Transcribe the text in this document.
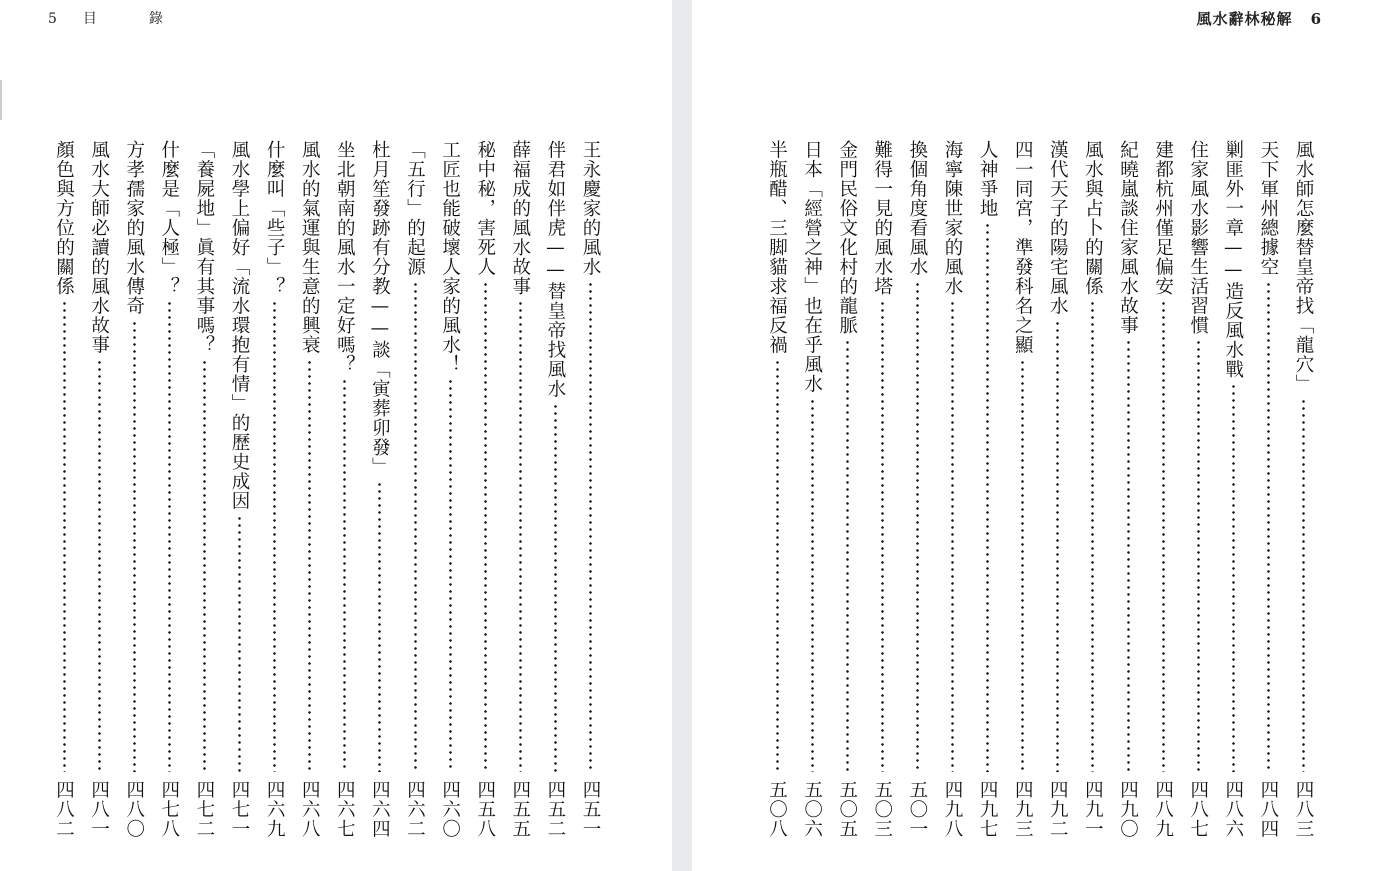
5 目	錄
王永慶家的風水
四五一
伴君如伴虎——替皇帝找風水
四五二
薛福成的風水故事
四五五
秘中秘，害死人
四五八
工匠也能破壞人家的風水！
四六〇
「五行」的起源
四六二
杜月笙發跡有分教——談「寅葬卯發」
四六四
坐北朝南的風水一定好嗎？
四六七
風水的氣運與生意的興衰
四六八
什麼叫「些子」？
四六九
風水學上偏好「流水環抱有情」的歷史成因
四七一
「養屍地」眞有其事嗎？
四七二
什麼是「人極」？
四七八
方孝孺家的風水傳奇
四八〇
風水大師必讀的風水故事
四八一
顏色與方位的關係
四八二
風水辭林秘解 6
風水師怎麼替皇帝找「龍穴」
四八三
天下軍州總據空
四八四
剿匪外一章——造反風水戰
四八六
住家風水影響生活習慣
四八七
建都杭州僅足偏安
四八九
紀曉嵐談住家風水故事
四九〇
風水與占卜的關係
四九一
漢代天子的陽宅風水
四九二
四一同宮，準發科名之顯
四九三
人神爭地
四九七
海寧陳世家的風水
四九八
換個角度看風水
五〇一
難得一見的風水塔
五〇三
金門民俗文化村的龍脈
五〇五
日本「經營之神」也在乎風水
五〇六
半瓶醋、三脚貓求福反禍
五〇八
